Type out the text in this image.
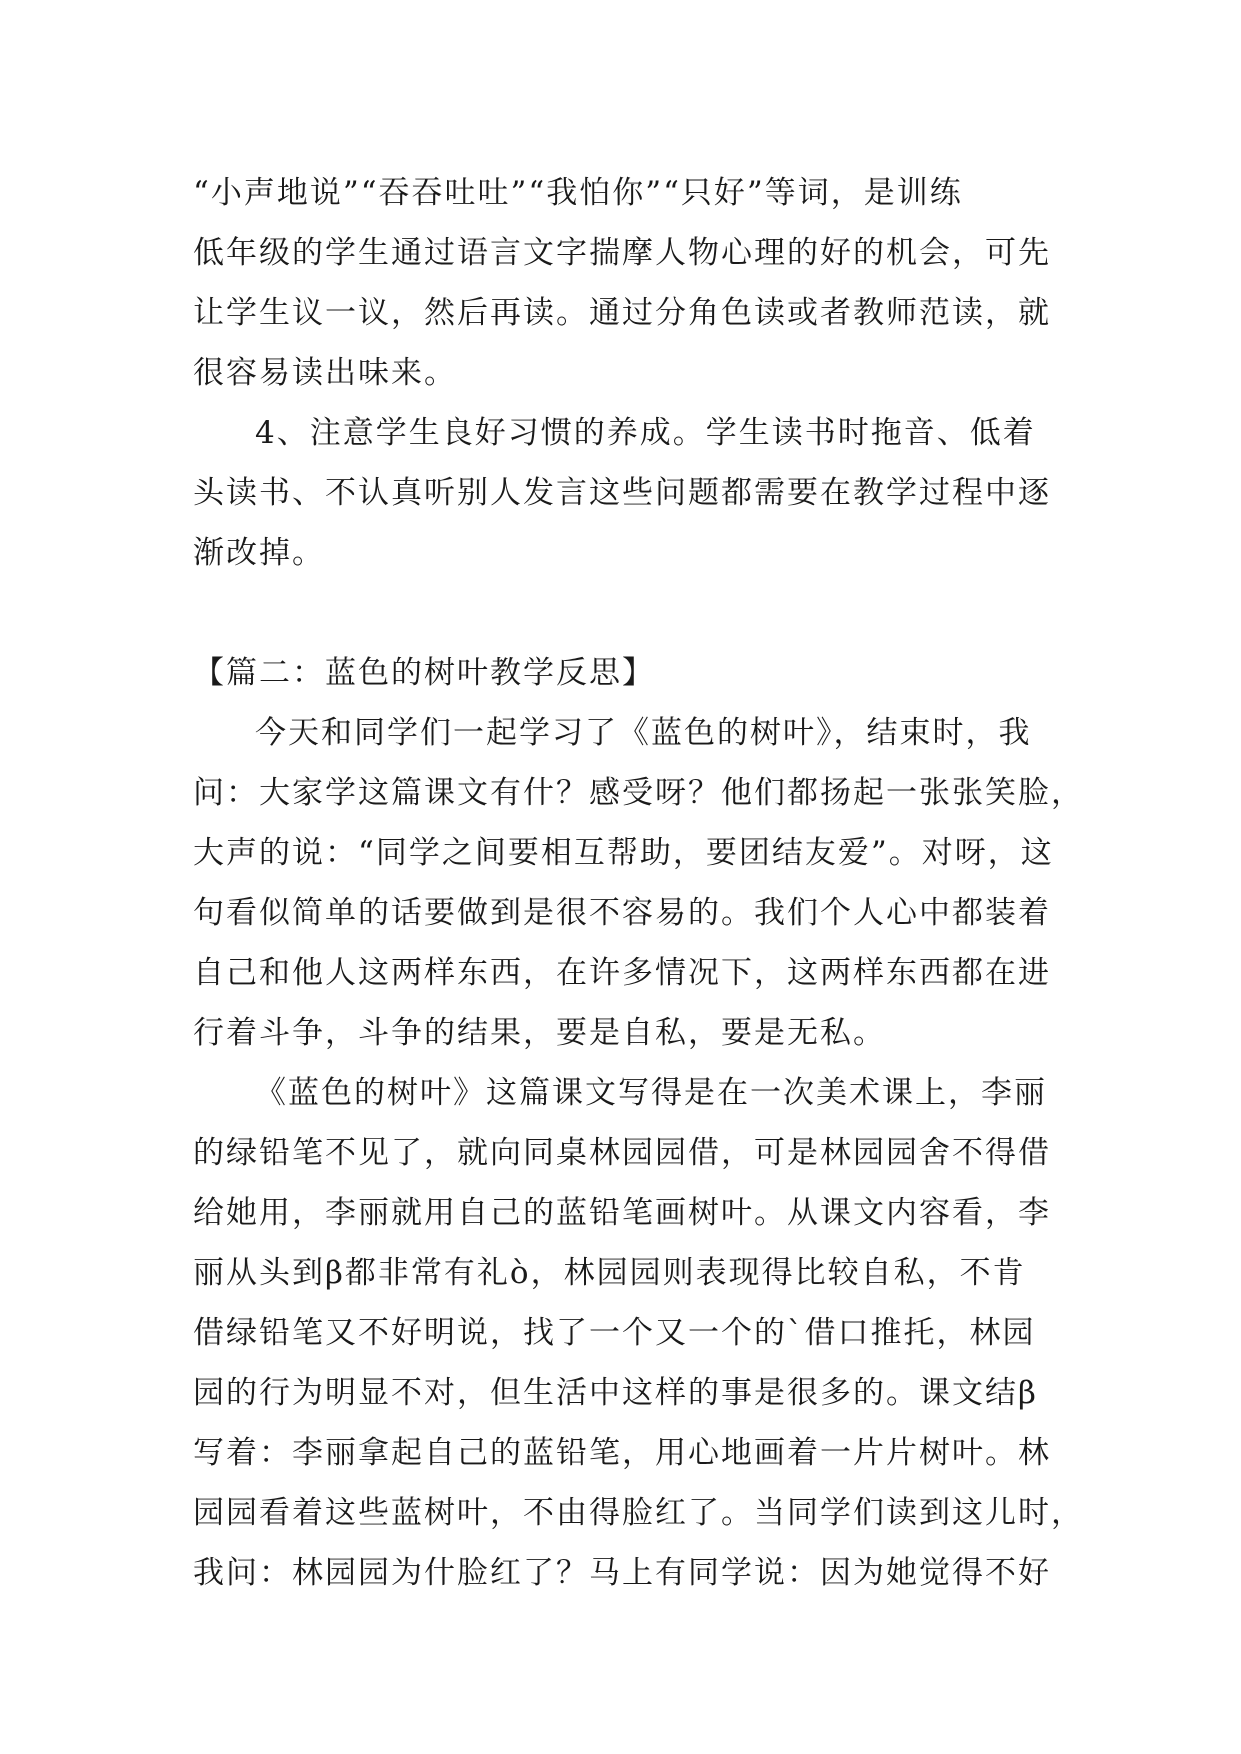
“小声地说”“吞吞吐吐”“我怕你”“只好”等词，是训练
低年级的学生通过语言文字揣摩人物心理的好的机会，可先
让学生议一议，然后再读。通过分角色读或者教师范读，就
很容易读出味来。

4、注意学生良好习惯的养成。学生读书时拖音、低着
头读书、不认真听别人发言这些问题都需要在教学过程中逐
渐改掉。

【篇二：蓝色的树叶教学反思】

今天和同学们一起学习了《蓝色的树叶》，结束时，我
问：大家学这篇课文有什？感受呀？他们都扬起一张张笑脸，
大声的说：“同学之间要相互帮助，要团结友爱”。对呀，这
句看似简单的话要做到是很不容易的。我们个人心中都装着
自己和他人这两样东西，在许多情况下，这两样东西都在进
行着斗争，斗争的结果，要是自私，要是无私。

《蓝色的树叶》这篇课文写得是在一次美术课上，李丽
的绿铅笔不见了，就向同桌林园园借，可是林园园舍不得借
给她用，李丽就用自己的蓝铅笔画树叶。从课文内容看，李
丽从头到β都非常有礼ò，林园园则表现得比较自私，不肯
借绿铅笔又不好明说，找了一个又一个的`借口推托，林园
园的行为明显不对，但生活中这样的事是很多的。课文结β
写着：李丽拿起自己的蓝铅笔，用心地画着一片片树叶。林
园园看着这些蓝树叶，不由得脸红了。当同学们读到这儿时，
我问：林园园为什脸红了？马上有同学说：因为她觉得不好
